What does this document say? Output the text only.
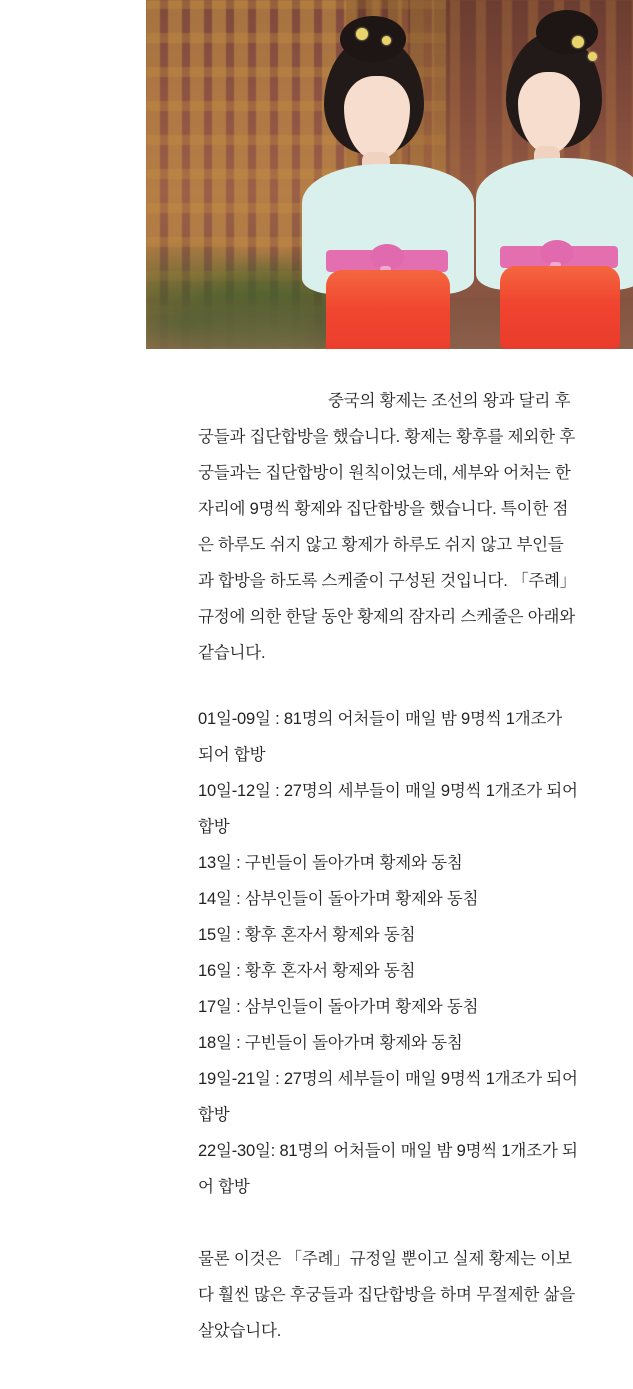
중국의 황제는 조선의 왕과 달리 후궁들과 집단합방을 했습니다. 황제는 황후를 제외한 후궁들과는 집단합방이 원칙이었는데, 세부와 어처는 한 자리에 9명씩 황제와 집단합방을 했습니다. 특이한 점은 하루도 쉬지 않고 황제가 하루도 쉬지 않고 부인들과 합방을 하도록 스케줄이 구성된 것입니다. 「주례」규정에 의한 한달 동안 황제의 잠자리 스케줄은 아래와 같습니다.

01일-09일 : 81명의 어처들이 매일 밤 9명씩 1개조가 되어 합방

10일-12일 : 27명의 세부들이 매일 9명씩 1개조가 되어 합방

13일 : 구빈들이 돌아가며 황제와 동침

14일 : 삼부인들이 돌아가며 황제와 동침

15일 : 황후 혼자서 황제와 동침

16일 : 황후 혼자서 황제와 동침

17일 : 삼부인들이 돌아가며 황제와 동침

18일 : 구빈들이 돌아가며 황제와 동침

19일-21일 : 27명의 세부들이 매일 9명씩 1개조가 되어 합방

22일-30일: 81명의 어처들이 매일 밤 9명씩 1개조가 되어 합방

물론 이것은 「주례」규정일 뿐이고 실제 황제는 이보다 훨씬 많은 후궁들과 집단합방을 하며 무절제한 삶을 살았습니다.
